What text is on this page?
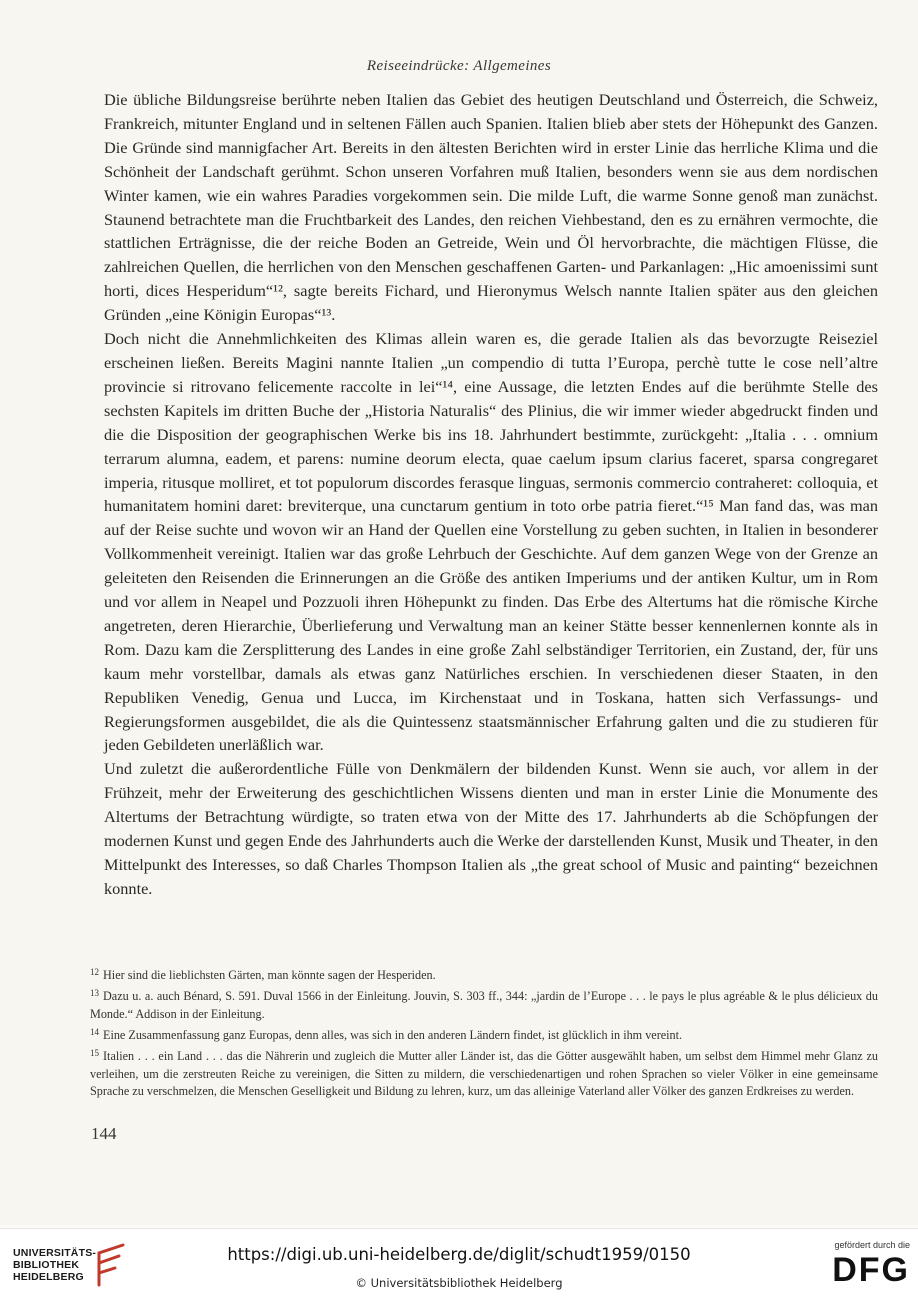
Reiseeindrücke: Allgemeines

Die übliche Bildungsreise berührte neben Italien das Gebiet des heutigen Deutschland und Österreich, die Schweiz, Frankreich, mitunter England und in seltenen Fällen auch Spanien. Italien blieb aber stets der Höhepunkt des Ganzen. Die Gründe sind mannigfacher Art. Bereits in den ältesten Berichten wird in erster Linie das herrliche Klima und die Schönheit der Landschaft gerühmt. Schon unseren Vorfahren muß Italien, besonders wenn sie aus dem nordischen Winter kamen, wie ein wahres Paradies vorgekommen sein. Die milde Luft, die warme Sonne genoß man zunächst. Staunend betrachtete man die Fruchtbarkeit des Landes, den reichen Viehbestand, den es zu ernähren vermochte, die stattlichen Erträgnisse, die der reiche Boden an Getreide, Wein und Öl hervorbrachte, die mächtigen Flüsse, die zahlreichen Quellen, die herrlichen von den Menschen geschaffenen Garten- und Parkanlagen: „Hic amoenissimi sunt horti, dices Hesperidum“¹², sagte bereits Fichard, und Hieronymus Welsch nannte Italien später aus den gleichen Gründen „eine Königin Europas“¹³.

Doch nicht die Annehmlichkeiten des Klimas allein waren es, die gerade Italien als das bevorzugte Reiseziel erscheinen ließen. Bereits Magini nannte Italien „un compendio di tutta l’Europa, perchè tutte le cose nell’altre provincie si ritrovano felicemente raccolte in lei“¹⁴, eine Aussage, die letzten Endes auf die berühmte Stelle des sechsten Kapitels im dritten Buche der „Historia Naturalis“ des Plinius, die wir immer wieder abgedruckt finden und die die Disposition der geographischen Werke bis ins 18. Jahrhundert bestimmte, zurückgeht: „Italia . . . omnium terrarum alumna, eadem, et parens: numine deorum electa, quae caelum ipsum clarius faceret, sparsa congregaret imperia, ritusque molliret, et tot populorum discordes ferasque linguas, sermonis commercio contraheret: colloquia, et humanitatem homini daret: breviterque, una cunctarum gentium in toto orbe patria fieret.“¹⁵ Man fand das, was man auf der Reise suchte und wovon wir an Hand der Quellen eine Vorstellung zu geben suchten, in Italien in besonderer Vollkommenheit vereinigt. Italien war das große Lehrbuch der Geschichte. Auf dem ganzen Wege von der Grenze an geleiteten den Reisenden die Erinnerungen an die Größe des antiken Imperiums und der antiken Kultur, um in Rom und vor allem in Neapel und Pozzuoli ihren Höhepunkt zu finden. Das Erbe des Altertums hat die römische Kirche angetreten, deren Hierarchie, Überlieferung und Verwaltung man an keiner Stätte besser kennenlernen konnte als in Rom. Dazu kam die Zersplitterung des Landes in eine große Zahl selbständiger Territorien, ein Zustand, der, für uns kaum mehr vorstellbar, damals als etwas ganz Natürliches erschien. In verschiedenen dieser Staaten, in den Republiken Venedig, Genua und Lucca, im Kirchenstaat und in Toskana, hatten sich Verfassungs- und Regierungsformen ausgebildet, die als die Quintessenz staatsmännischer Erfahrung galten und die zu studieren für jeden Gebildeten unerläßlich war.

Und zuletzt die außerordentliche Fülle von Denkmälern der bildenden Kunst. Wenn sie auch, vor allem in der Frühzeit, mehr der Erweiterung des geschichtlichen Wissens dienten und man in erster Linie die Monumente des Altertums der Betrachtung würdigte, so traten etwa von der Mitte des 17. Jahrhunderts ab die Schöpfungen der modernen Kunst und gegen Ende des Jahrhunderts auch die Werke der darstellenden Kunst, Musik und Theater, in den Mittelpunkt des Interesses, so daß Charles Thompson Italien als „the great school of Music and painting“ bezeichnen konnte.

$^{12}$ Hier sind die lieblichsten Gärten, man könnte sagen der Hesperiden.

$^{13}$ Dazu u. a. auch Bénard, S. 591. Duval 1566 in der Einleitung. Jouvin, S. 303 ff., 344: „jardin de l’Europe . . . le pays le plus agréable & le plus délicieux du Monde.“ Addison in der Einleitung.

$^{14}$ Eine Zusammenfassung ganz Europas, denn alles, was sich in den anderen Ländern findet, ist glücklich in ihm vereint.

$^{15}$ Italien . . . ein Land . . . das die Nährerin und zugleich die Mutter aller Länder ist, das die Götter ausgewählt haben, um selbst dem Himmel mehr Glanz zu verleihen, um die zerstreuten Reiche zu vereinigen, die Sitten zu mildern, die verschiedenartigen und rohen Sprachen so vieler Völker in eine gemeinsame Sprache zu verschmelzen, die Menschen Geselligkeit und Bildung zu lehren, kurz, um das alleinige Vaterland aller Völker des ganzen Erdkreises zu werden.

144
UNIVERSITÄTS-
BIBLIOTHEK
HEIDELBERG
https://digi.ub.uni-heidelberg.de/diglit/schudt1959/0150
© Universitätsbibliothek Heidelberg
gefördert durch die
DFG
